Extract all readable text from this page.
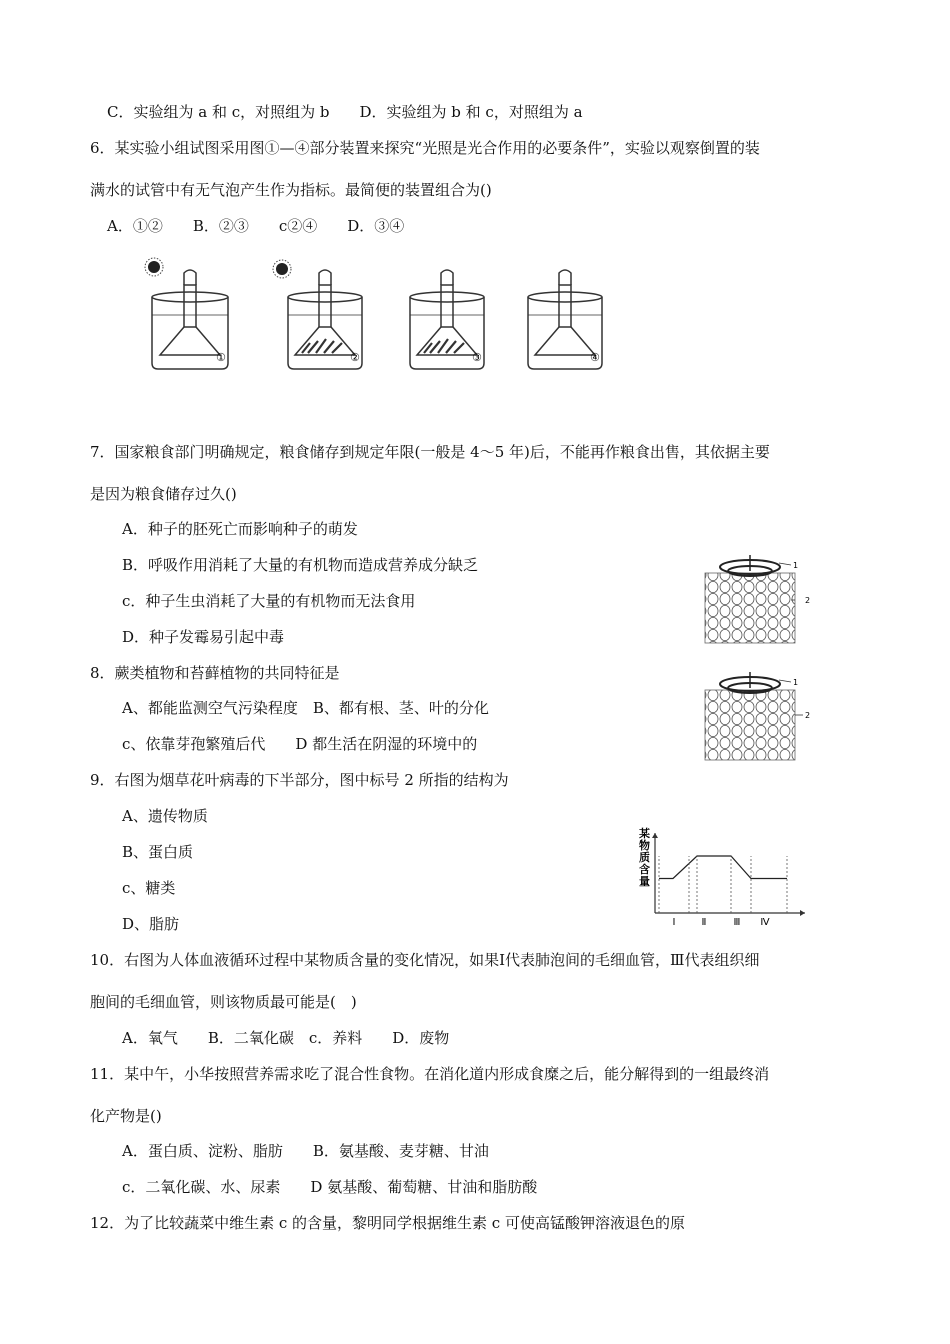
C．实验组为 a 和 c，对照组为 b　　D．实验组为 b 和 c，对照组为 a
6．某实验小组试图采用图①—④部分装置来探究“光照是光合作用的必要条件”，实验以观察倒置的装
满水的试管中有无气泡产生作为指标。最简便的装置组合为()
A．①②　　B．②③　　c②④　　D．③④
①	②	③	④
7．国家粮食部门明确规定，粮食储存到规定年限(一般是 4～5 年)后，不能再作粮食出售，其依据主要
是因为粮食储存过久()
A．种子的胚死亡而影响种子的萌发
B．呼吸作用消耗了大量的有机物而造成营养成分缺乏
c．种子生虫消耗了大量的有机物而无法食用
D．种子发霉易引起中毒
1
2
1
2
8．蕨类植物和苔藓植物的共同特征是
A、都能监测空气污染程度　B、都有根、茎、叶的分化
c、依靠芽孢繁殖后代　　D 都生活在阴湿的环境中的
9．右图为烟草花叶病毒的下半部分，图中标号 2 所指的结构为
A、遗传物质
B、蛋白质
c、糖类
D、脂肪
某物质含量
Ⅰ	Ⅱ	Ⅲ Ⅳ
10．右图为人体血液循环过程中某物质含量的变化情况，如果Ⅰ代表肺泡间的毛细血管，Ⅲ代表组织细
胞间的毛细血管，则该物质最可能是(　)
A．氧气　　B．二氧化碳　c．养料　　D．废物
11．某中午，小华按照营养需求吃了混合性食物。在消化道内形成食糜之后，能分解得到的一组最终消
化产物是()
A．蛋白质、淀粉、脂肪　　B．氨基酸、麦芽糖、甘油
c．二氧化碳、水、尿素　　D 氨基酸、葡萄糖、甘油和脂肪酸
12．为了比较蔬菜中维生素 c 的含量，黎明同学根据维生素 c 可使高锰酸钾溶液退色的原
